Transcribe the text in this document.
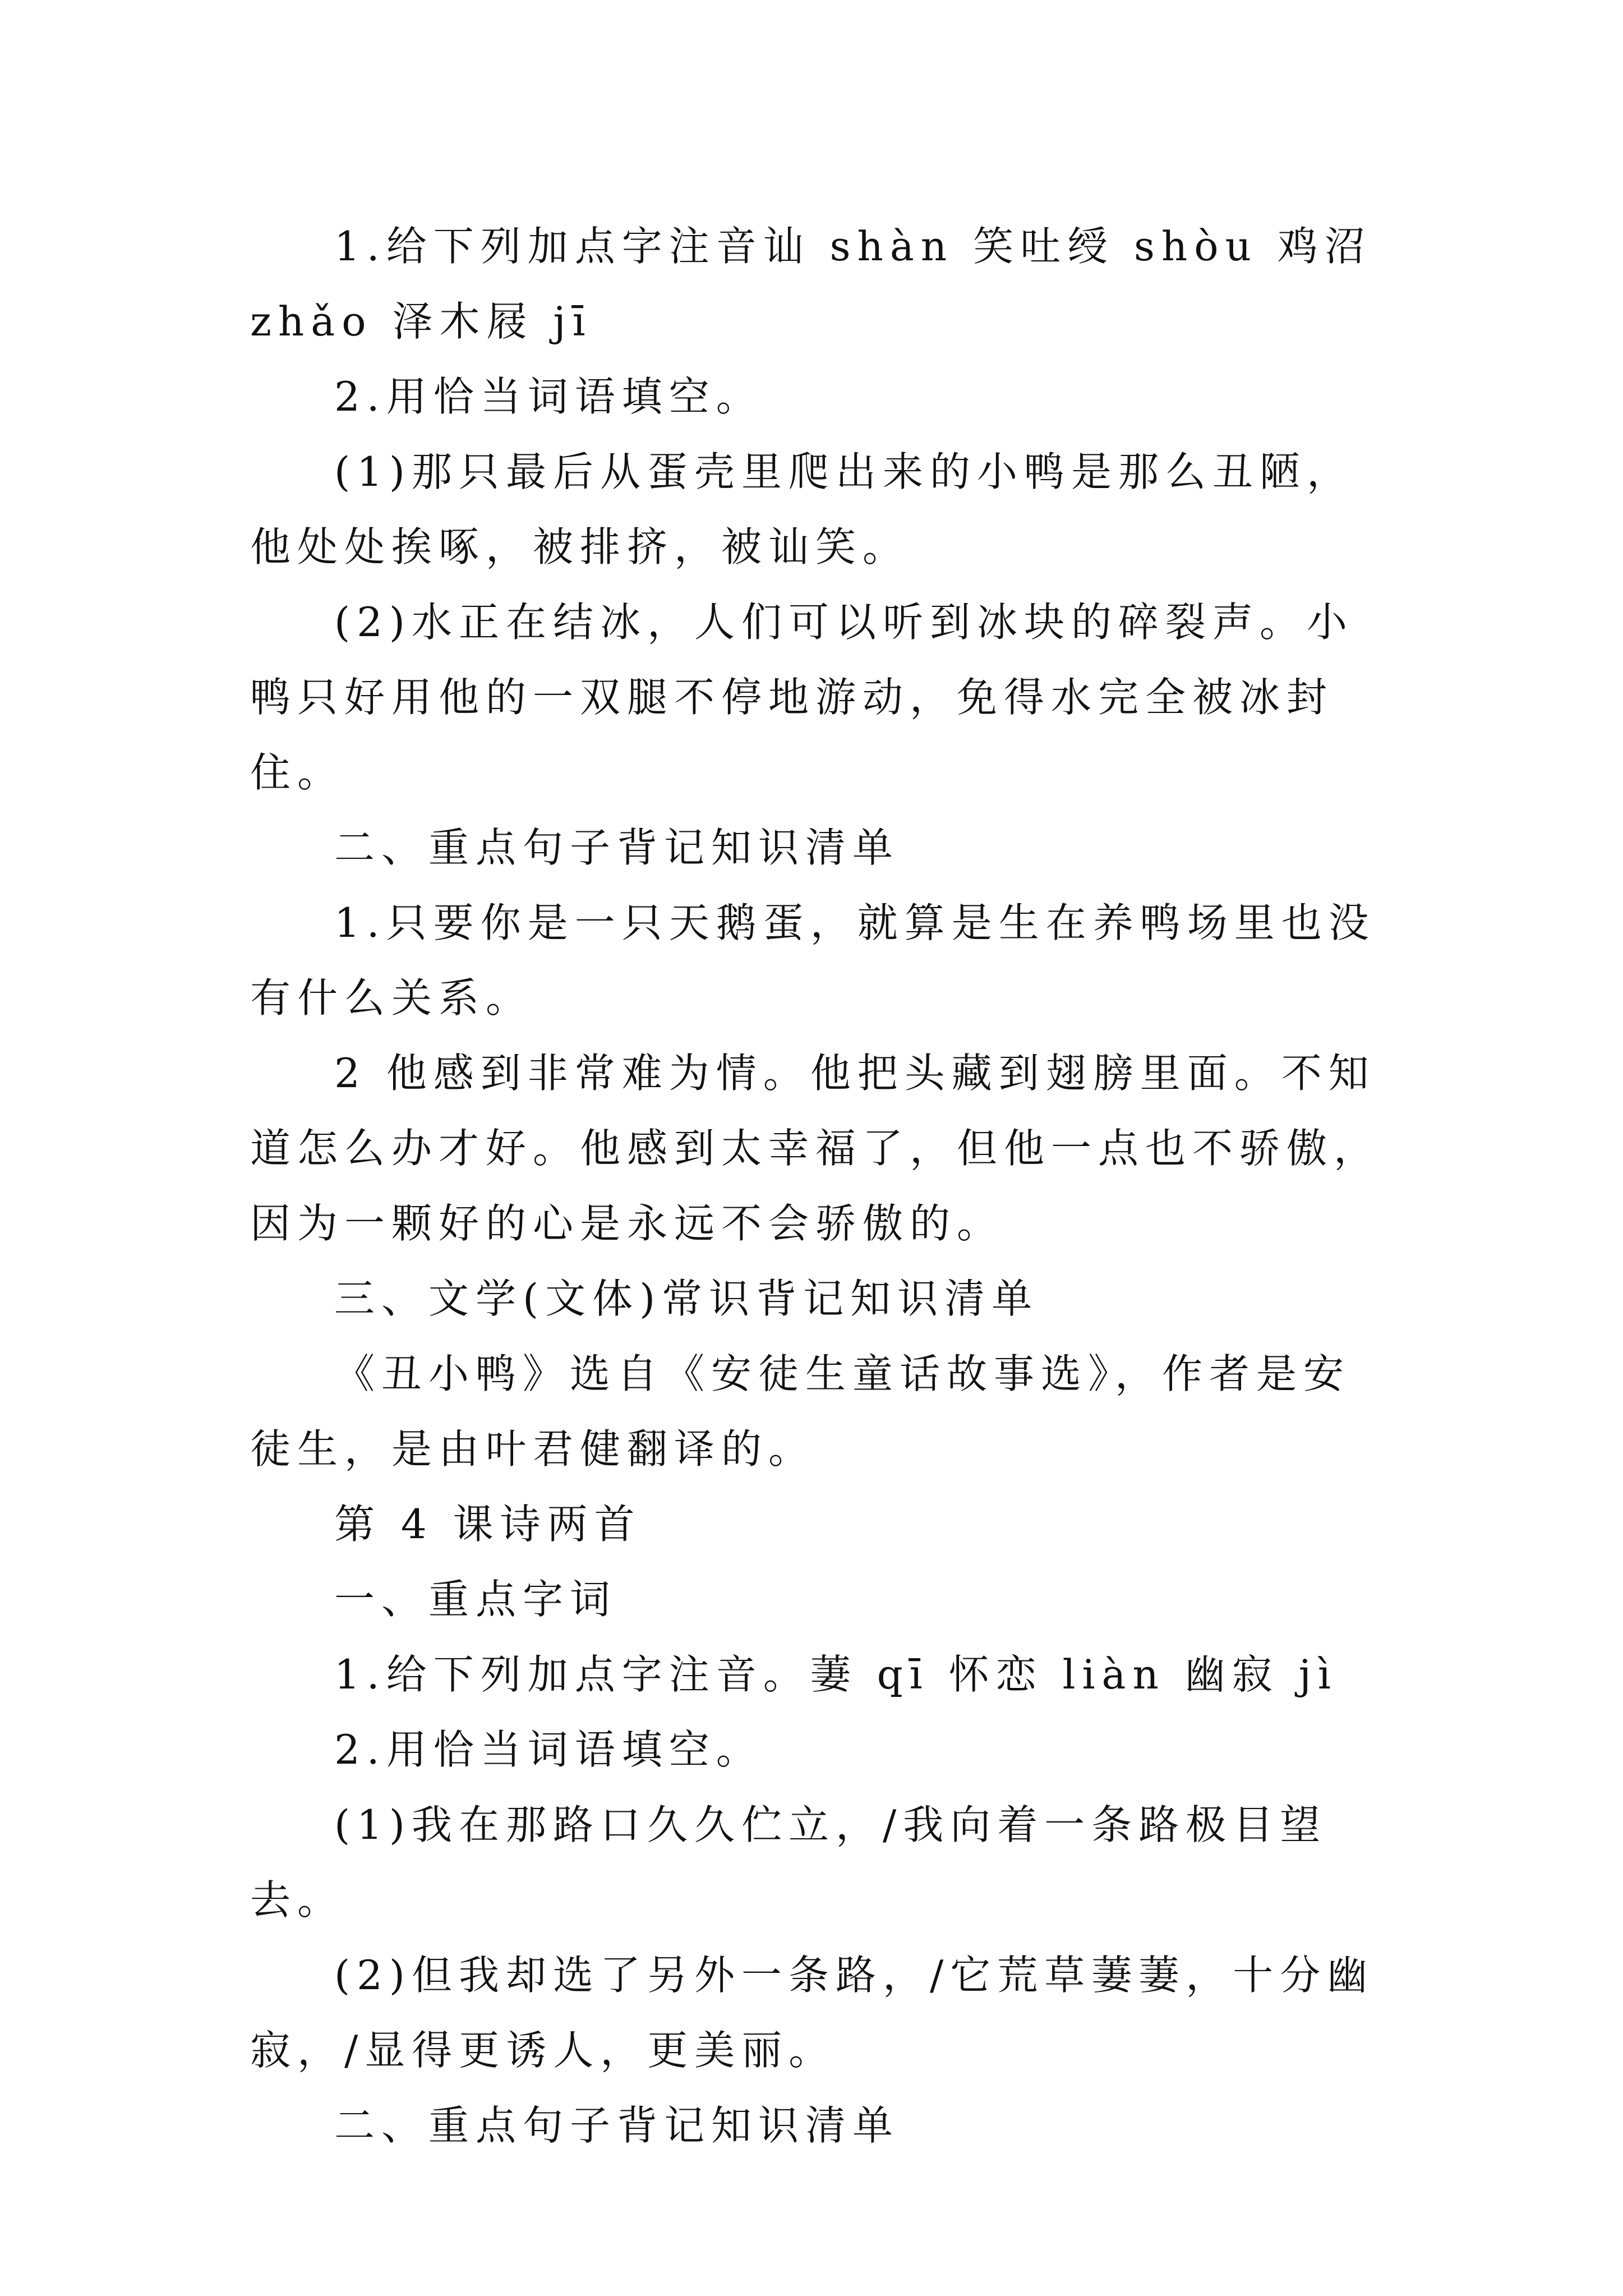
1.给下列加点字注音讪 shàn 笑吐绶 shòu 鸡沼 zhǎo 泽木屐 jī

2.用恰当词语填空。

(1)那只最后从蛋壳里爬出来的小鸭是那么丑陋，他处处挨啄，被排挤，被讪笑。

(2)水正在结冰，人们可以听到冰块的碎裂声。小鸭只好用他的一双腿不停地游动，免得水完全被冰封住。

二、重点句子背记知识清单

1.只要你是一只天鹅蛋，就算是生在养鸭场里也没有什么关系。

2 他感到非常难为情。他把头藏到翅膀里面。不知道怎么办才好。他感到太幸福了，但他一点也不骄傲，因为一颗好的心是永远不会骄傲的。

三、文学(文体)常识背记知识清单

《丑小鸭》选自《安徒生童话故事选》，作者是安徒生，是由叶君健翻译的。

第 4 课诗两首

一、重点字词

1.给下列加点字注音。萋 qī 怀恋 liàn 幽寂 jì

2.用恰当词语填空。

(1)我在那路口久久伫立，/我向着一条路极目望去。

(2)但我却选了另外一条路，/它荒草萋萋，十分幽寂，/显得更诱人，更美丽。

二、重点句子背记知识清单
